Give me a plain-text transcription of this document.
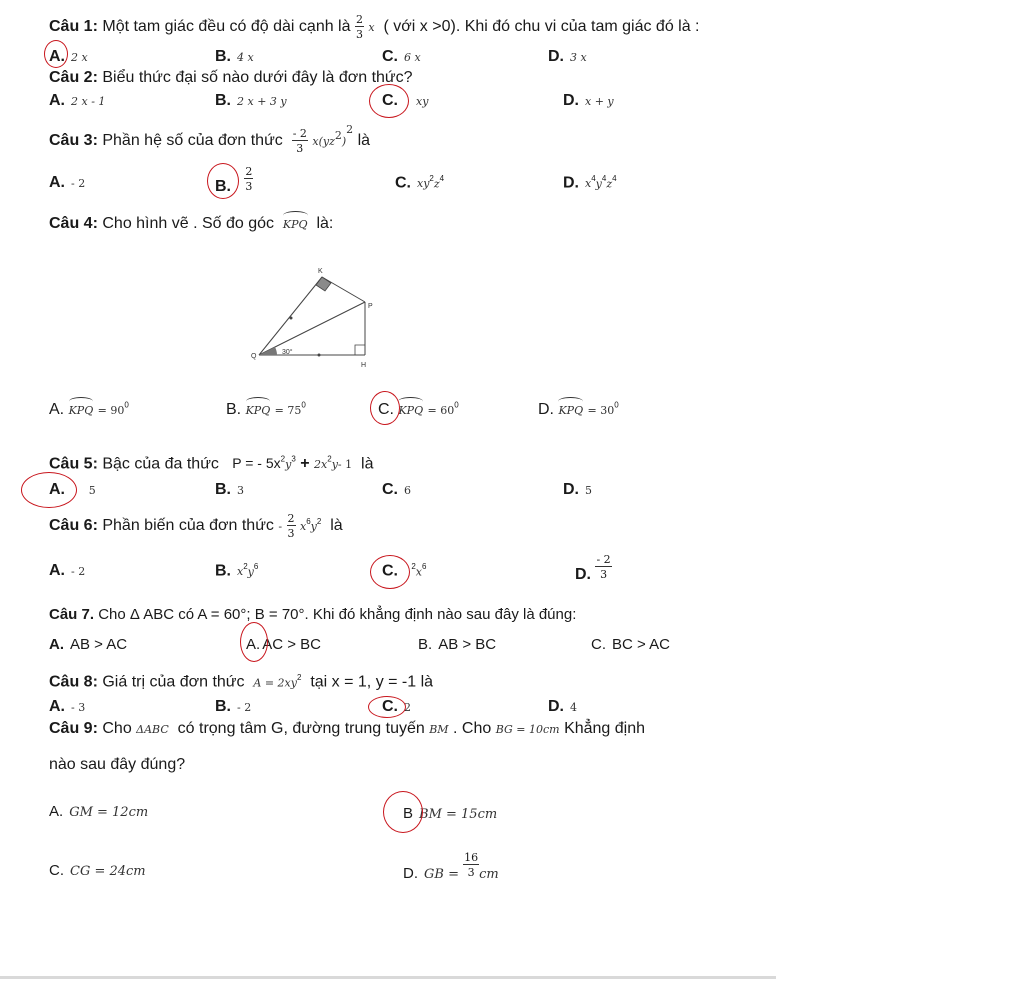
Câu 1: Một tam giác đều có độ dài cạnh là $\frac{2}{3}$ x ( với x >0). Khi đó chu vi của tam giác đó là :
A. 2 x	B. 4 x	C. 6 x	D. 3 x
Câu 2: Biểu thức đại số nào dưới đây là đơn thức?
A. 2 x - 1	B. 2 x + 3 y	C. xy	D. x + y
Câu 3: Phần hệ số của đơn thức $\frac{- 2}{3} x(yz^2)^2$ là
A. - 2	B. $\frac{2}{3}$	C. $xy^2z^4$	D. $x^4y^4z^4$
Câu 4: Cho hình vẽ . Số đo góc KPQ là:
K
P
Q
H
30°
A. KPQ = $90^0$	B. KPQ = $75^0$	C. KPQ = $60^0$	D. KPQ = $30^0$
Câu 5: Bậc của đa thức P = - $5x^2y^3 + 2x^2y-$ 1 là
A. 5	B. 3	C. 6	D. 5
Câu 6: Phần biến của đơn thức - $\frac{2}{3} x^6y^2$ là
A. - 2	B. $x^2y^6$	C. $^2x^6$	D. $\frac{- 2}{3}$
Câu 7. Cho Δ ABC có A = 60°; B = 70°. Khi đó khẳng định nào sau đây là đúng:
A. AB > AC	A. AC > BC	B. AB > BC	C. BC > AC
Câu 8: Giá trị của đơn thức $A = 2xy^2$ tại x = 1, y = -1 là
A. - 3	B. - 2	C. 2	D. 4
Câu 9: Cho ΔABC có trọng tâm G, đường trung tuyến BM . Cho BG = 10cm Khẳng định
nào sau đây đúng?
A. GM = 12cm	B BM = 15cm
C. CG = 24cm	D. GB = $\frac{16}{3}$ cm
